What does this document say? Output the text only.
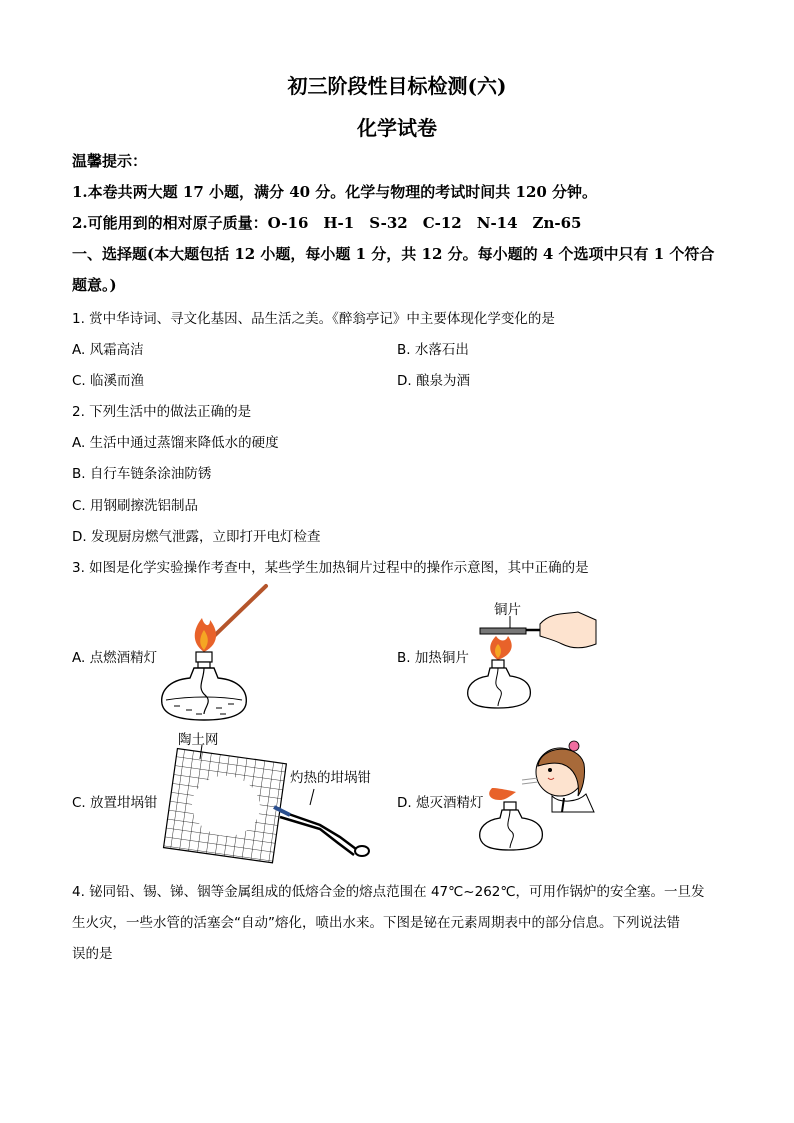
初三阶段性目标检测(六)
化学试卷
温馨提示：
1.本卷共两大题 17 小题，满分 40 分。化学与物理的考试时间共 120 分钟。
2.可能用到的相对原子质量：O-16　H-1　S-32　C-12　N-14　Zn-65
一、选择题(本大题包括 12 小题，每小题 1 分，共 12 分。每小题的 4 个选项中只有 1 个符合
题意。)
1. 赏中华诗词、寻文化基因、品生活之美。《醉翁亭记》中主要体现化学变化的是
A. 风霜高洁	B. 水落石出
C. 临溪而渔	D. 酿泉为酒
2. 下列生活中的做法正确的是
A. 生活中通过蒸馏来降低水的硬度
B. 自行车链条涂油防锈
C. 用钢刷擦洗铝制品
D. 发现厨房燃气泄露，立即打开电灯检查
3. 如图是化学实验操作考查中，某些学生加热铜片过程中的操作示意图，其中正确的是
A. 点燃酒精灯	B. 加热铜片
C. 放置坩埚钳	D. 熄灭酒精灯
铜片
陶土网
灼热的坩埚钳
4. 铋同铅、锡、锑、铟等金属组成的低熔合金的熔点范围在 47℃~262℃，可用作锅炉的安全塞。一旦发
生火灾，一些水管的活塞会“自动”熔化，喷出水来。下图是铋在元素周期表中的部分信息。下列说法错
误的是
